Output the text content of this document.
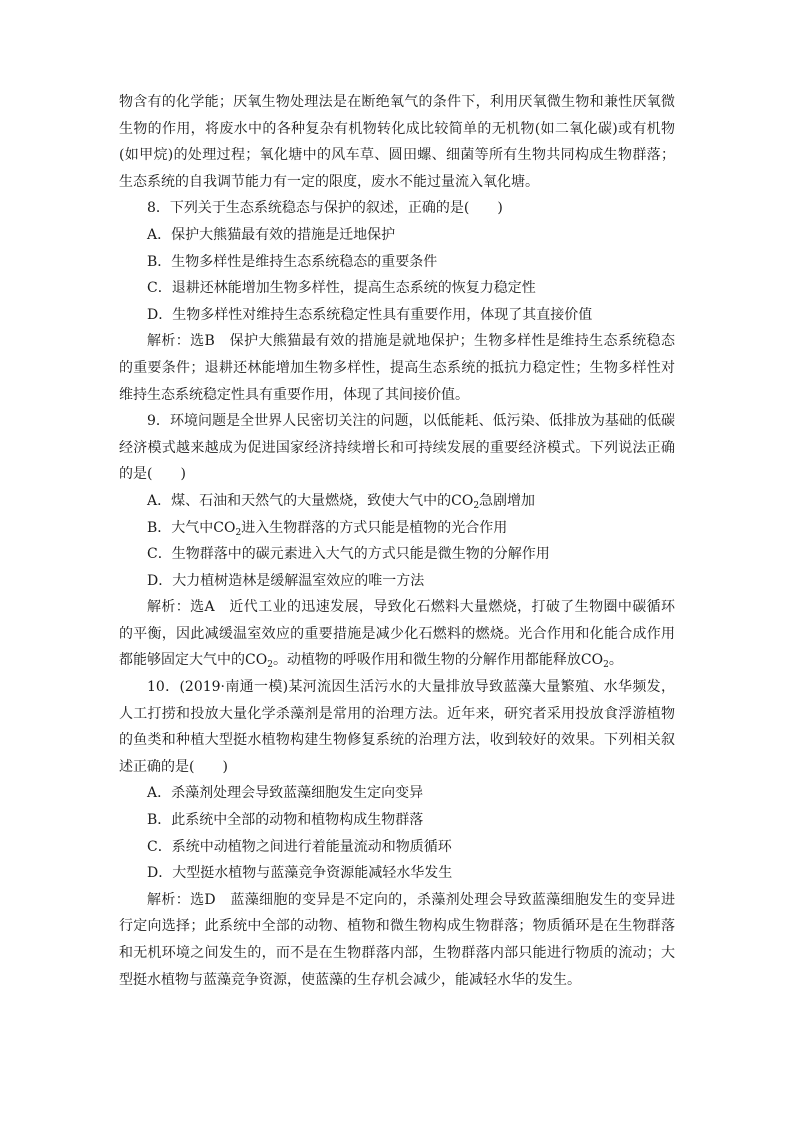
物含有的化学能；厌氧生物处理法是在断绝氧气的条件下，利用厌氧微生物和兼性厌氧微生物的作用，将废水中的各种复杂有机物转化成比较简单的无机物(如二氧化碳)或有机物(如甲烷)的处理过程；氧化塘中的风车草、圆田螺、细菌等所有生物共同构成生物群落；生态系统的自我调节能力有一定的限度，废水不能过量流入氧化塘。

8．下列关于生态系统稳态与保护的叙述，正确的是(　　)

A．保护大熊猫最有效的措施是迁地保护

B．生物多样性是维持生态系统稳态的重要条件

C．退耕还林能增加生物多样性，提高生态系统的恢复力稳定性

D．生物多样性对维持生态系统稳定性具有重要作用，体现了其直接价值

解析：选B　保护大熊猫最有效的措施是就地保护；生物多样性是维持生态系统稳态的重要条件；退耕还林能增加生物多样性，提高生态系统的抵抗力稳定性；生物多样性对维持生态系统稳定性具有重要作用，体现了其间接价值。

9．环境问题是全世界人民密切关注的问题，以低能耗、低污染、低排放为基础的低碳经济模式越来越成为促进国家经济持续增长和可持续发展的重要经济模式。下列说法正确的是(　　)

A．煤、石油和天然气的大量燃烧，致使大气中的$CO_2$急剧增加

B．大气中$CO_2$进入生物群落的方式只能是植物的光合作用

C．生物群落中的碳元素进入大气的方式只能是微生物的分解作用

D．大力植树造林是缓解温室效应的唯一方法

解析：选A　近代工业的迅速发展，导致化石燃料大量燃烧，打破了生物圈中碳循环的平衡，因此减缓温室效应的重要措施是减少化石燃料的燃烧。光合作用和化能合成作用都能够固定大气中的$CO_2$。动植物的呼吸作用和微生物的分解作用都能释放$CO_2$。

10．(2019·南通一模)某河流因生活污水的大量排放导致蓝藻大量繁殖、水华频发，人工打捞和投放大量化学杀藻剂是常用的治理方法。近年来，研究者采用投放食浮游植物的鱼类和种植大型挺水植物构建生物修复系统的治理方法，收到较好的效果。下列相关叙述正确的是(　　)

A．杀藻剂处理会导致蓝藻细胞发生定向变异

B．此系统中全部的动物和植物构成生物群落

C．系统中动植物之间进行着能量流动和物质循环

D．大型挺水植物与蓝藻竞争资源能减轻水华发生

解析：选D　蓝藻细胞的变异是不定向的，杀藻剂处理会导致蓝藻细胞发生的变异进行定向选择；此系统中全部的动物、植物和微生物构成生物群落；物质循环是在生物群落和无机环境之间发生的，而不是在生物群落内部，生物群落内部只能进行物质的流动；大型挺水植物与蓝藻竞争资源，使蓝藻的生存机会减少，能减轻水华的发生。
